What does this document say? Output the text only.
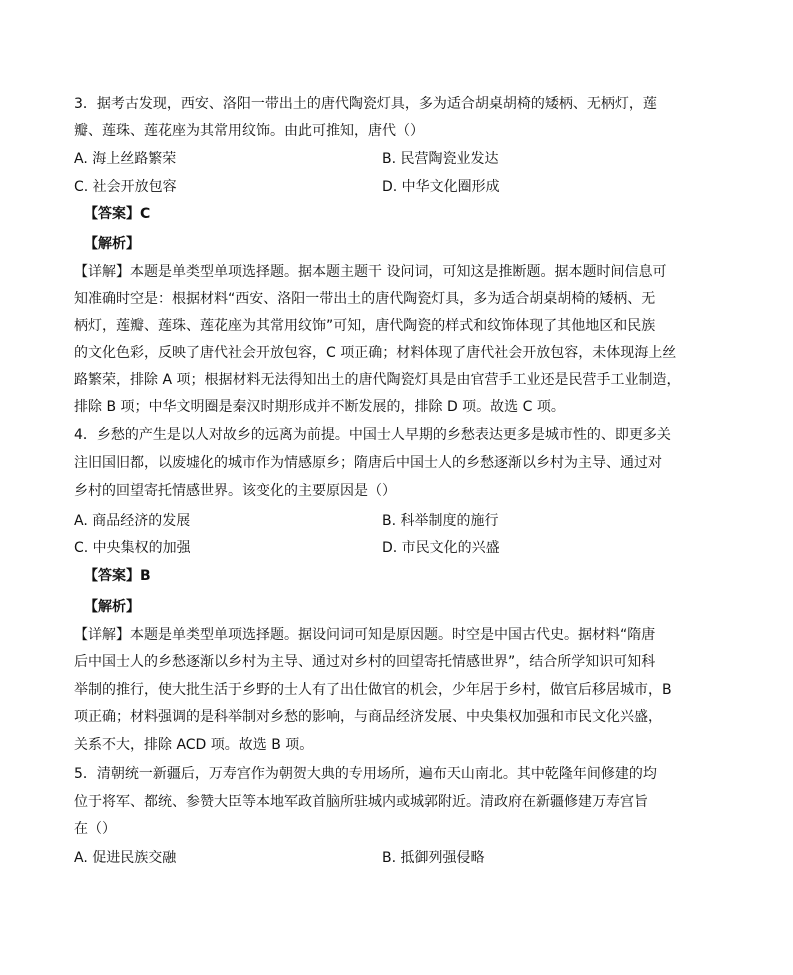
3．据考古发现，西安、洛阳一带出土的唐代陶瓷灯具，多为适合胡桌胡椅的矮柄、无柄灯，莲
瓣、莲珠、莲花座为其常用纹饰。由此可推知，唐代（）
A. 海上丝路繁荣	B. 民营陶瓷业发达
C. 社会开放包容	D. 中华文化圈形成
【答案】C
【解析】
【详解】本题是单类型单项选择题。据本题主题干 设问词，可知这是推断题。据本题时间信息可
知准确时空是：根据材料“西安、洛阳一带出土的唐代陶瓷灯具，多为适合胡桌胡椅的矮柄、无
柄灯，莲瓣、莲珠、莲花座为其常用纹饰”可知，唐代陶瓷的样式和纹饰体现了其他地区和民族
的文化色彩，反映了唐代社会开放包容，C 项正确；材料体现了唐代社会开放包容，未体现海上丝
路繁荣，排除 A 项；根据材料无法得知出土的唐代陶瓷灯具是由官营手工业还是民营手工业制造，
排除 B 项；中华文明圈是秦汉时期形成并不断发展的，排除 D 项。故选 C 项。
4．乡愁的产生是以人对故乡的远离为前提。中国士人早期的乡愁表达更多是城市性的、即更多关
注旧国旧都，以废墟化的城市作为情感原乡；隋唐后中国士人的乡愁逐渐以乡村为主导、通过对
乡村的回望寄托情感世界。该变化的主要原因是（）
A. 商品经济的发展	B. 科举制度的施行
C. 中央集权的加强	D. 市民文化的兴盛
【答案】B
【解析】
【详解】本题是单类型单项选择题。据设问词可知是原因题。时空是中国古代史。据材料“隋唐
后中国士人的乡愁逐渐以乡村为主导、通过对乡村的回望寄托情感世界”，结合所学知识可知科
举制的推行，使大批生活于乡野的士人有了出仕做官的机会，少年居于乡村，做官后移居城市，B
项正确；材料强调的是科举制对乡愁的影响，与商品经济发展、中央集权加强和市民文化兴盛，
关系不大，排除 ACD 项。故选 B 项。
5．清朝统一新疆后，万寿宫作为朝贺大典的专用场所，遍布天山南北。其中乾隆年间修建的均
位于将军、都统、参赞大臣等本地军政首脑所驻城内或城郭附近。清政府在新疆修建万寿宫旨
在（）
A. 促进民族交融	B. 抵御列强侵略
